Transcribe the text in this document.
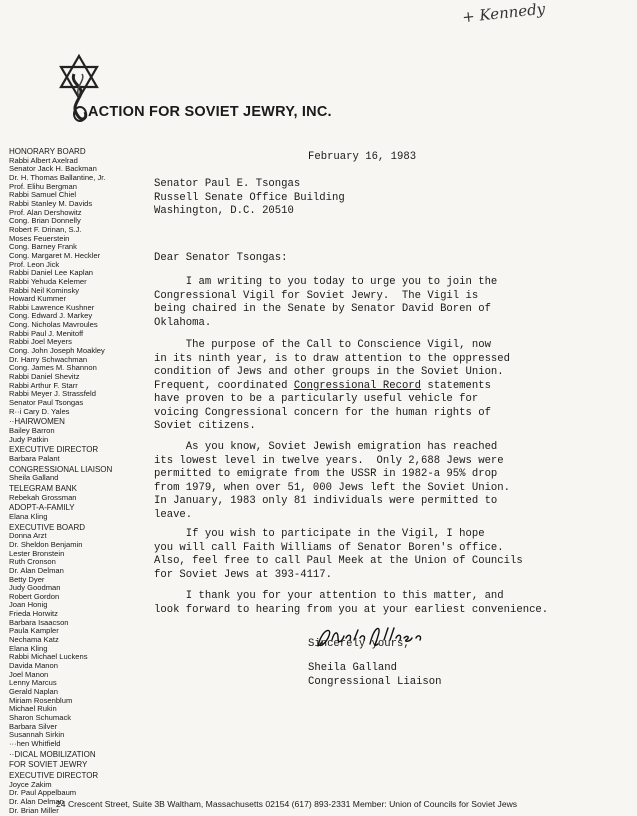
+ Kennedy
ACTION FOR SOVIET JEWRY, INC.
HONORARY BOARD
Rabbi Albert Axelrad
Senator Jack H. Backman
Dr. H. Thomas Ballantine, Jr.
Prof. Elihu Bergman
Rabbi Samuel Chiel
Rabbi Stanley M. Davids
Prof. Alan Dershowitz
Cong. Brian Donnelly
Robert F. Drinan, S.J.
Moses Feuerstein
Cong. Barney Frank
Cong. Margaret M. Heckler
Prof. Leon Jick
Rabbi Daniel Lee Kaplan
Rabbi Yehuda Kelemer
Rabbi Neil Kominsky
Howard Kummer
Rabbi Lawrence Kushner
Cong. Edward J. Markey
Cong. Nicholas Mavroules
Rabbi Paul J. Menitoff
Rabbi Joel Meyers
Cong. John Joseph Moakley
Dr. Harry Schwachman
Cong. James M. Shannon
Rabbi Daniel Shevitz
Rabbi Arthur F. Starr
Rabbi Meyer J. Strassfeld
Senator Paul Tsongas
R··i Cary D. Yales
··HAIRWOMEN
Bailey Barron
Judy Patkin
EXECUTIVE DIRECTOR
Barbara Palant
CONGRESSIONAL LIAISON
Sheila Galland
TELEGRAM BANK
Rebekah Grossman
ADOPT-A-FAMILY
Elana Kling
EXECUTIVE BOARD
Donna Arzt
Dr. Sheldon Benjamin
Lester Bronstein
Ruth Cronson
Dr. Alan Delman
Betty Dyer
Judy Goodman
Robert Gordon
Joan Honig
Frieda Horwitz
Barbara Isaacson
Paula Kampler
Nechama Katz
Elana Kling
Rabbi Michael Luckens
Davida Manon
Joel Manon
Lenny Marcus
Gerald Naplan
Miriam Rosenblum
Michael Rukin
Sharon Schumack
Barbara Silver
Susannah Sirkin
···hen Whitfield
··DICAL MOBILIZATION
FOR SOVIET JEWRY
EXECUTIVE DIRECTOR
Joyce Zakim
Dr. Paul Appelbaum
Dr. Alan Delman
Dr. Brian Miller
February 16, 1983
Senator Paul E. Tsongas
Russell Senate Office Building
Washington, D.C. 20510
Dear Senator Tsongas:

I am writing to you today to urge you to join the
Congressional Vigil for Soviet Jewry.  The Vigil is
being chaired in the Senate by Senator David Boren of
Oklahoma.

The purpose of the Call to Conscience Vigil, now
in its ninth year, is to draw attention to the oppressed
condition of Jews and other groups in the Soviet Union.
Frequent, coordinated Congressional Record statements
have proven to be a particularly useful vehicle for
voicing Congressional concern for the human rights of
Soviet citizens.

As you know, Soviet Jewish emigration has reached
its lowest level in twelve years.  Only 2,688 Jews were
permitted to emigrate from the USSR in 1982-a 95% drop
from 1979, when over 51, 000 Jews left the Soviet Union.
In January, 1983 only 81 individuals were permitted to
leave.

If you wish to participate in the Vigil, I hope
you will call Faith Williams of Senator Boren's office.
Also, feel free to call Paul Meek at the Union of Councils
for Soviet Jews at 393-4117.

I thank you for your attention to this matter, and
look forward to hearing from you at your earliest convenience.

Sincerely yours,
Sheila Galland
Congressional Liaison
24 Crescent Street, Suite 3B Waltham, Massachusetts 02154 (617) 893-2331 Member: Union of Councils for Soviet Jews
